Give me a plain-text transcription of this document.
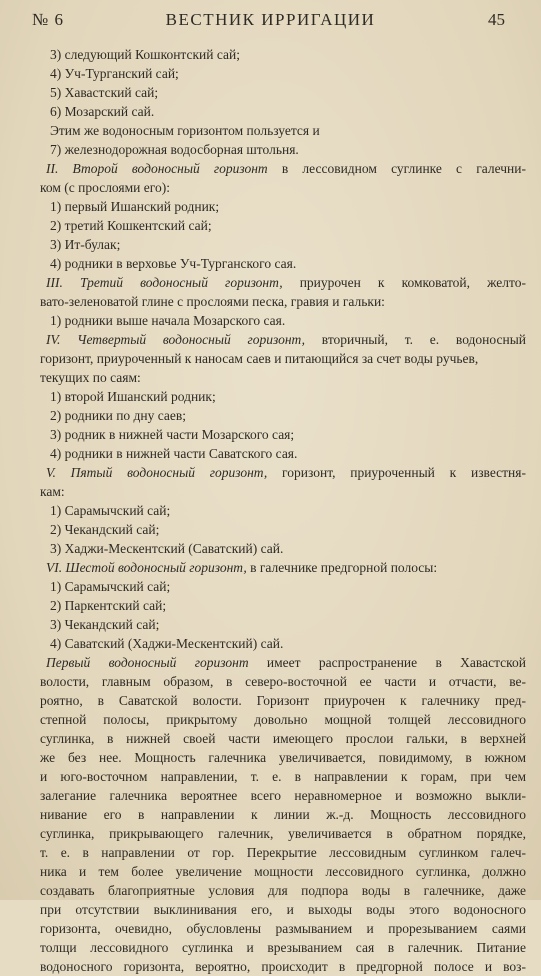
№ 6	ВЕСТНИК ИРРИГАЦИИ	45
3) следующий Кошконтский сай;
4) Уч-Турганский сай;
5) Хавастский сай;
6) Мозарский сай.
Этим же водоносным горизонтом пользуется и
7) железнодорожная водосборная штольня.
II. Второй водоносный горизонт в лессовидном суглинке с галечни-
ком (с прослоями его):
1) первый Ишанский родник;
2) третий Кошкентский сай;
3) Ит-булак;
4) родники в верховье Уч-Турганского сая.
III. Третий водоносный горизонт, приурочен к комковатой, желто-
вато-зеленоватой глине с прослоями песка, гравия и гальки:
1) родники выше начала Мозарского сая.
IV. Четвертый водоносный горизонт, вторичный, т. е. водоносный
горизонт, приуроченный к наносам саев и питающийся за счет воды ручьев,
текущих по саям:
1) второй Ишанский родник;
2) родники по дну саев;
3) родник в нижней части Мозарского сая;
4) родники в нижней части Саватского сая.
V. Пятый водоносный горизонт, горизонт, приуроченный к известня-
кам:
1) Сарамычский сай;
2) Чекандский сай;
3) Хаджи-Мескентский (Саватский) сай.
VI. Шестой водоносный горизонт, в галечнике предгорной полосы:
1) Сарамычский сай;
2) Паркентский сай;
3) Чекандский сай;
4) Саватский (Хаджи-Мескентский) сай.
Первый водоносный горизонт имеет распространение в Хавастской
волости, главным образом, в северо-восточной ее части и отчасти, ве-
роятно, в Саватской волости. Горизонт приурочен к галечнику пред-
степной полосы, прикрытому довольно мощной толщей лессовидного
суглинка, в нижней своей части имеющего прослои гальки, в верхней
же без нее. Мощность галечника увеличивается, повидимому, в южном
и юго-восточном направлении, т. е. в направлении к горам, при чем
залегание галечника вероятнее всего неравномерное и возможно выкли-
нивание его в направлении к линии ж.-д. Мощность лессовидного
суглинка, прикрывающего галечник, увеличивается в обратном порядке,
т. е. в направлении от гор. Перекрытие лессовидным суглинком галеч-
ника и тем более увеличение мощности лессовидного суглинка, должно
создавать благоприятные условия для подпора воды в галечнике, даже
при отсутствии выклинивания его, и выходы воды этого водоносного
горизонта, очевидно, обусловлены размыванием и прорезыванием саями
толщи лессовидного суглинка и врезыванием сая в галечник. Питание
водоносного горизонта, вероятно, происходит в предгорной полосе и воз-
